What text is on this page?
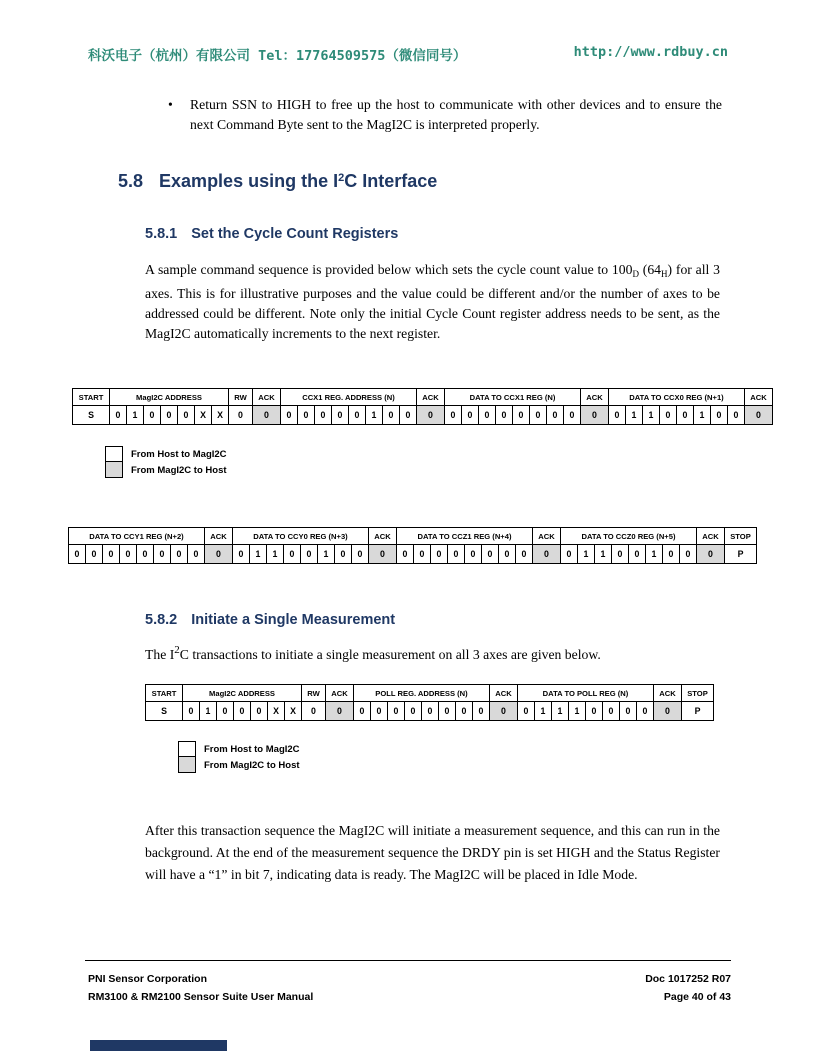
科沃电子（杭州）有限公司 Tel：17764509575（微信同号）	http://www.rdbuy.cn
•	Return SSN to HIGH to free up the host to communicate with other devices and to ensure the next Command Byte sent to the MagI2C is interpreted properly.
5.8 Examples using the $I^2C$ Interface
5.8.1 Set the Cycle Count Registers
A sample command sequence is provided below which sets the cycle count value to $100_D$ $(64_H)$ for all 3 axes. This is for illustrative purposes and the value could be different and/or the number of axes to be addressed could be different. Note only the initial Cycle Count register address needs to be sent, as the MagI2C automatically increments to the next register.
START	MagI2C ADDRESS							RW	ACK	CCX1 REG. ADDRESS (N)								ACK	DATA TO CCX1 REG (N)								ACK	DATA TO CCX0 REG (N+1)								ACK
S	0	1	0	0	0	X	X	0	0	0	0	0	0	0	1	0	0	0	0	0	0	0	0	0	0	0	0	0	1	1	0	0	1	0	0	0
From Host to MagI2C
From MagI2C to Host
DATA TO CCY1 REG (N+2)								ACK	DATA TO CCY0 REG (N+3)								ACK	DATA TO CCZ1 REG (N+4)								ACK	DATA TO CCZ0 REG (N+5)								ACK	STOP
0	0	0	0	0	0	0	0	0	0	1	1	0	0	1	0	0	0	0	0	0	0	0	0	0	0	0	0	1	1	0	0	1	0	0	0	P
5.8.2 Initiate a Single Measurement
The $I^2C$ transactions to initiate a single measurement on all 3 axes are given below.
START	MagI2C ADDRESS							RW	ACK	POLL REG. ADDRESS (N)								ACK	DATA TO POLL REG (N)								ACK	STOP
S	0	1	0	0	0	X	X	0	0	0	0	0	0	0	0	0	0	0	0	1	1	1	0	0	0	0	0	P
From Host to MagI2C
From MagI2C to Host
After this transaction sequence the MagI2C will initiate a measurement sequence, and this can run in the background. At the end of the measurement sequence the DRDY pin is set HIGH and the Status Register will have a “1” in bit 7, indicating data is ready. The MagI2C will be placed in Idle Mode.
PNI Sensor Corporation
RM3100 & RM2100 Sensor Suite User Manual
Doc 1017252 R07
Page 40 of 43
